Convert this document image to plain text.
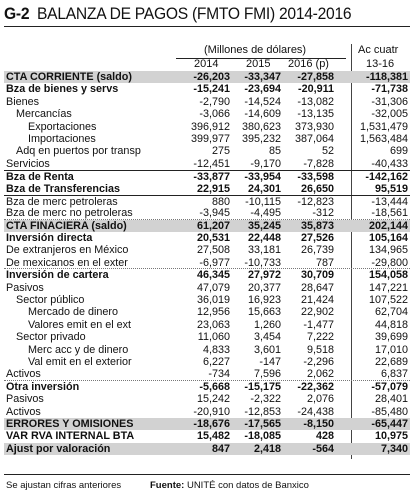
G-2 BALANZA DE PAGOS (FMTO FMI) 2014-2016
(Millones de dólares)	Ac cuatr
2014	2015 2016 (p)	13-16
CTA CORRIENTE (saldo)	-26,203 -33,347 -27,858	-118,381
Bza de bienes y servs	-15,241 -23,694 -20,911	-71,738
Bienes	-2,790 -14,524 -13,082	-31,306
Mercancías	-3,066 -14,609 -13,135	-32,005
Exportaciones	396,912 380,623 373,930 1,531,479
Importaciones	399,977 395,232 387,064 1,563,484
Adq en puertos por transp	275	85	52	699
Servicios	-12,451 -9,170 -7,828	-40,433
Bza de Renta	-33,877 -33,954 -33,598	-142,162
Bza de Transferencias	22,915 24,301 26,650	95,519
Bza de merc petroleras	880 -10,115 -12,823	-13,444
Bza de merc no petroleras	-3,945 -4,495	-312	-18,561
CTA FINACIERA (saldo)	61,207 35,245 35,873	202,144
Inversión directa	20,531 22,448 27,526	105,164
De extranjeros en México	27,508 33,181 26,739	134,965
De mexicanos en el exter	-6,977 -10,733	787	-29,800
Inversión de cartera	46,345 27,972 30,709	154,058
Pasivos	47,079 20,377 28,647	147,221
Sector público	36,019 16,923 21,424	107,522
Mercado de dinero	12,956 15,663 22,902	62,704
Valores emit en el ext	23,063 1,260 -1,477	44,818
Sector privado	11,060 3,454 7,222	39,699
Merc acc y de dinero	4,833 3,601 9,518	17,010
Val emit en el exterior	6,227	-147 -2,296	22,689
Activos	-734 7,596 2,062	6,837
Otra inversión	-5,668 -15,175 -22,362	-57,079
Pasivos	15,242 -2,322 2,076	28,401
Activos	-20,910 -12,853 -24,438	-85,480
ERRORES Y OMISIONES	-18,676 -17,565 -8,150	-65,447
VAR RVA INTERNAL BTA	15,482 -18,085	428	10,975
Ajust por valoración	847 2,418	-564	7,340
Se ajustan cifras anteriores	Fuente: UNITÉ con datos de Banxico
